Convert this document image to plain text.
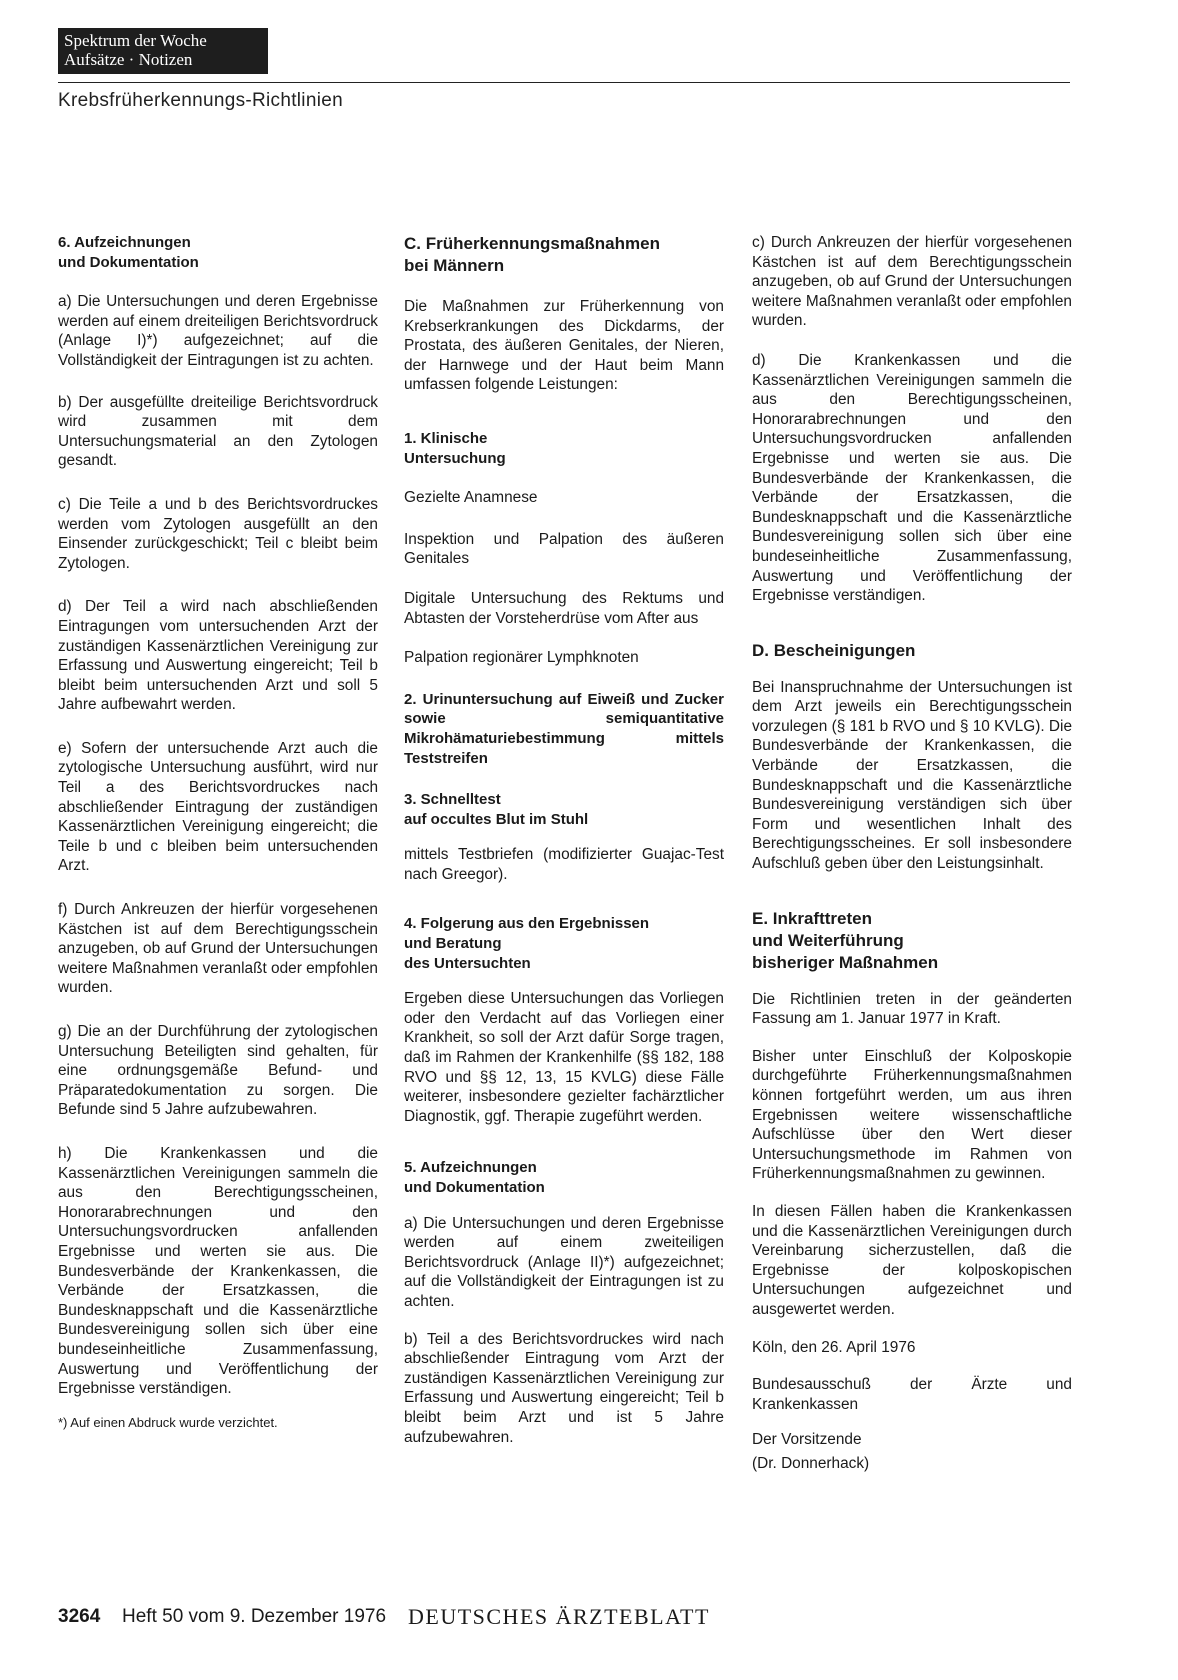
Spektrum der Woche
Aufsätze · Notizen
Krebsfrüherkennungs-Richtlinien
6. Aufzeichnungen
und Dokumentation

a) Die Untersuchungen und deren Ergebnisse werden auf einem dreiteiligen Berichtsvordruck (Anlage I)*) aufgezeichnet; auf die Vollständigkeit der Eintragungen ist zu achten.

b) Der ausgefüllte dreiteilige Berichtsvordruck wird zusammen mit dem Untersuchungsmaterial an den Zytologen gesandt.

c) Die Teile a und b des Berichtsvordruckes werden vom Zytologen ausgefüllt an den Einsender zurückgeschickt; Teil c bleibt beim Zytologen.

d) Der Teil a wird nach abschließenden Eintragungen vom untersuchenden Arzt der zuständigen Kassenärztlichen Vereinigung zur Erfassung und Auswertung eingereicht; Teil b bleibt beim untersuchenden Arzt und soll 5 Jahre aufbewahrt werden.

e) Sofern der untersuchende Arzt auch die zytologische Untersuchung ausführt, wird nur Teil a des Berichtsvordruckes nach abschließender Eintragung der zuständigen Kassenärztlichen Vereinigung eingereicht; die Teile b und c bleiben beim untersuchenden Arzt.

f) Durch Ankreuzen der hierfür vorgesehenen Kästchen ist auf dem Berechtigungsschein anzugeben, ob auf Grund der Untersuchungen weitere Maßnahmen veranlaßt oder empfohlen wurden.

g) Die an der Durchführung der zytologischen Untersuchung Beteiligten sind gehalten, für eine ordnungsgemäße Befund- und Präparatedokumentation zu sorgen. Die Befunde sind 5 Jahre aufzubewahren.

h) Die Krankenkassen und die Kassenärztlichen Vereinigungen sammeln die aus den Berechtigungsscheinen, Honorarabrechnungen und den Untersuchungsvordrucken anfallenden Ergebnisse und werten sie aus. Die Bundesverbände der Krankenkassen, die Verbände der Ersatzkassen, die Bundesknappschaft und die Kassenärztliche Bundesvereinigung sollen sich über eine bundeseinheitliche Zusammenfassung, Auswertung und Veröffentlichung der Ergebnisse verständigen.

*) Auf einen Abdruck wurde verzichtet.

C. Früherkennungsmaßnahmen
bei Männern

Die Maßnahmen zur Früherkennung von Krebserkrankungen des Dickdarms, der Prostata, des äußeren Genitales, der Nieren, der Harnwege und der Haut beim Mann umfassen folgende Leistungen:

1. Klinische
Untersuchung

Gezielte Anamnese

Inspektion und Palpation des äußeren Genitales

Digitale Untersuchung des Rektums und Abtasten der Vorsteherdrüse vom After aus

Palpation regionärer Lymphknoten

2. Urinuntersuchung auf Eiweiß und Zucker sowie semiquantitative Mikrohämaturiebestimmung mittels Teststreifen
3. Schnelltest
auf occultes Blut im Stuhl

mittels Testbriefen (modifizierter Guajac-Test nach Greegor).

4. Folgerung aus den Ergebnissen
und Beratung
des Untersuchten

Ergeben diese Untersuchungen das Vorliegen oder den Verdacht auf das Vorliegen einer Krankheit, so soll der Arzt dafür Sorge tragen, daß im Rahmen der Krankenhilfe (§§ 182, 188 RVO und §§ 12, 13, 15 KVLG) diese Fälle weiterer, insbesondere gezielter fachärztlicher Diagnostik, ggf. Therapie zugeführt werden.

5. Aufzeichnungen
und Dokumentation

a) Die Untersuchungen und deren Ergebnisse werden auf einem zweiteiligen Berichtsvordruck (Anlage II)*) aufgezeichnet; auf die Vollständigkeit der Eintragungen ist zu achten.

b) Teil a des Berichtsvordruckes wird nach abschließender Eintragung vom Arzt der zuständigen Kassenärztlichen Vereinigung zur Erfassung und Auswertung eingereicht; Teil b bleibt beim Arzt und ist 5 Jahre aufzubewahren.

c) Durch Ankreuzen der hierfür vorgesehenen Kästchen ist auf dem Berechtigungsschein anzugeben, ob auf Grund der Untersuchungen weitere Maßnahmen veranlaßt oder empfohlen wurden.

d) Die Krankenkassen und die Kassenärztlichen Vereinigungen sammeln die aus den Berechtigungsscheinen, Honorarabrechnungen und den Untersuchungsvordrucken anfallenden Ergebnisse und werten sie aus. Die Bundesverbände der Krankenkassen, die Verbände der Ersatzkassen, die Bundesknappschaft und die Kassenärztliche Bundesvereinigung sollen sich über eine bundeseinheitliche Zusammenfassung, Auswertung und Veröffentlichung der Ergebnisse verständigen.

D. Bescheinigungen

Bei Inanspruchnahme der Untersuchungen ist dem Arzt jeweils ein Berechtigungsschein vorzulegen (§ 181 b RVO und § 10 KVLG). Die Bundesverbände der Krankenkassen, die Verbände der Ersatzkassen, die Bundesknappschaft und die Kassenärztliche Bundesvereinigung verständigen sich über Form und wesentlichen Inhalt des Berechtigungsscheines. Er soll insbesondere Aufschluß geben über den Leistungsinhalt.

E. Inkrafttreten
und Weiterführung
bisheriger Maßnahmen

Die Richtlinien treten in der geänderten Fassung am 1. Januar 1977 in Kraft.

Bisher unter Einschluß der Kolposkopie durchgeführte Früherkennungsmaßnahmen können fortgeführt werden, um aus ihren Ergebnissen weitere wissenschaftliche Aufschlüsse über den Wert dieser Untersuchungsmethode im Rahmen von Früherkennungsmaßnahmen zu gewinnen.

In diesen Fällen haben die Krankenkassen und die Kassenärztlichen Vereinigungen durch Vereinbarung sicherzustellen, daß die Ergebnisse der kolposkopischen Untersuchungen aufgezeichnet und ausgewertet werden.

Köln, den 26. April 1976

Bundesausschuß der Ärzte und Krankenkassen

Der Vorsitzende

(Dr. Donnerhack)

3264 Heft 50 vom 9. Dezember 1976 DEUTSCHES ÄRZTEBLATT
